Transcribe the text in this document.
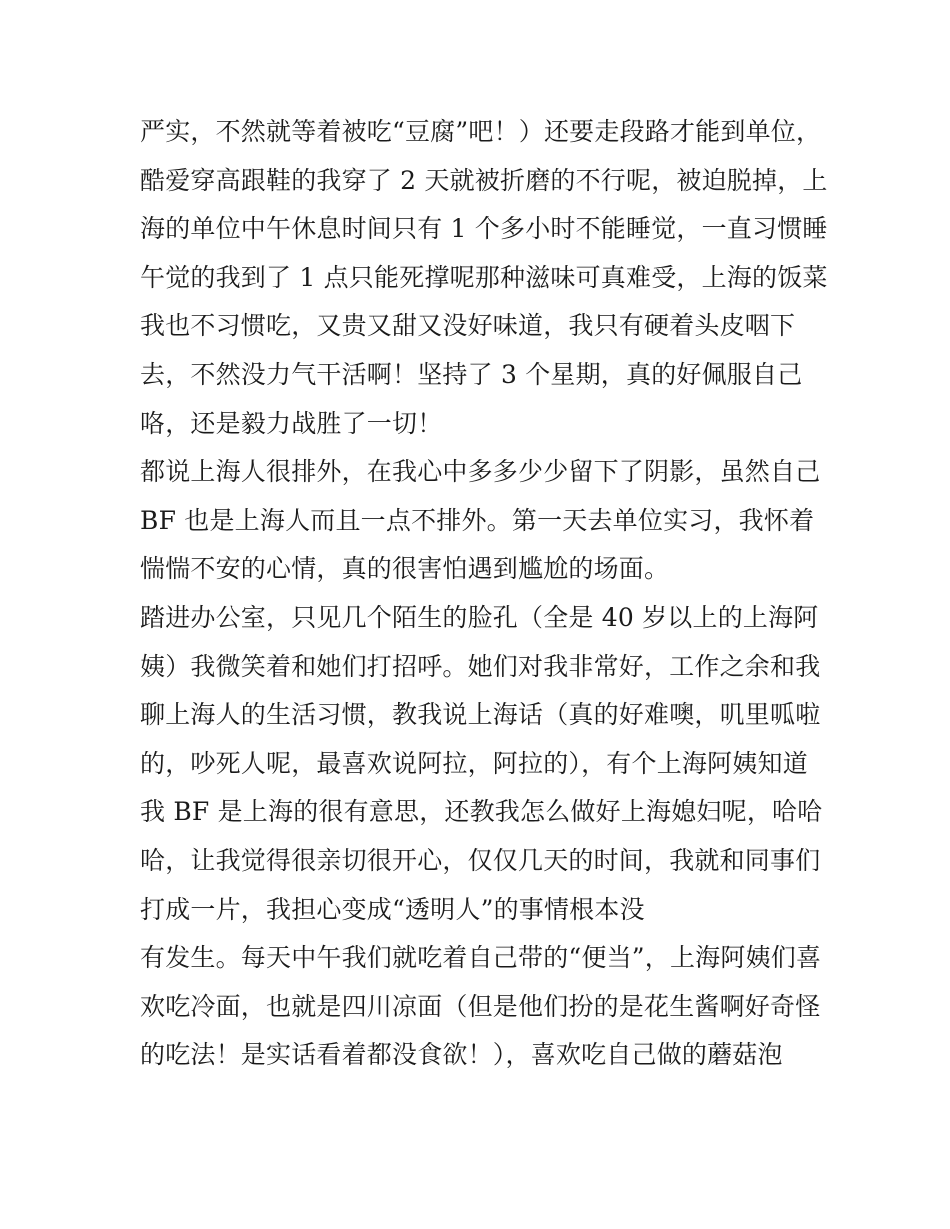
严实，不然就等着被吃“豆腐”吧！）还要走段路才能到单位，
酷爱穿高跟鞋的我穿了 2 天就被折磨的不行呢，被迫脱掉，上
海的单位中午休息时间只有 1 个多小时不能睡觉，一直习惯睡
午觉的我到了 1 点只能死撑呢那种滋味可真难受，上海的饭菜
我也不习惯吃，又贵又甜又没好味道，我只有硬着头皮咽下
去，不然没力气干活啊！坚持了 3 个星期，真的好佩服自己
咯，还是毅力战胜了一切！
都说上海人很排外，在我心中多多少少留下了阴影，虽然自己
BF 也是上海人而且一点不排外。第一天去单位实习，我怀着
惴惴不安的心情，真的很害怕遇到尴尬的场面。
踏进办公室，只见几个陌生的脸孔（全是 40 岁以上的上海阿
姨）我微笑着和她们打招呼。她们对我非常好，工作之余和我
聊上海人的生活习惯，教我说上海话（真的好难噢，叽里呱啦
的，吵死人呢，最喜欢说阿拉，阿拉的），有个上海阿姨知道
我 BF 是上海的很有意思，还教我怎么做好上海媳妇呢，哈哈
哈，让我觉得很亲切很开心，仅仅几天的时间，我就和同事们
打成一片，我担心变成“透明人”的事情根本没
有发生。每天中午我们就吃着自己带的“便当”，上海阿姨们喜
欢吃冷面，也就是四川凉面（但是他们扮的是花生酱啊好奇怪
的吃法！是实话看着都没食欲！），喜欢吃自己做的蘑菇泡
